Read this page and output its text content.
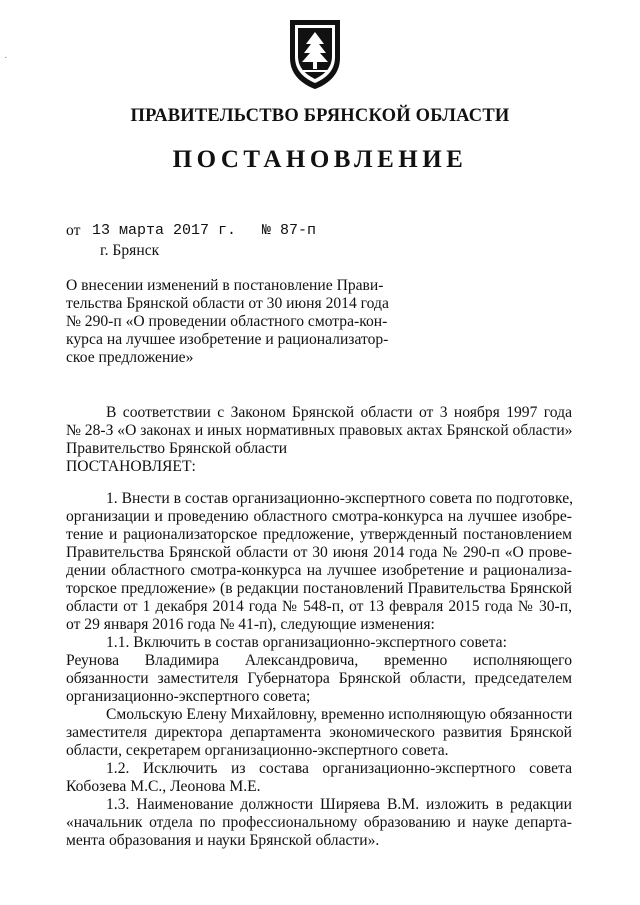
·
ПРАВИТЕЛЬСТВО БРЯНСКОЙ ОБЛАСТИ
ПОСТАНОВЛЕНИЕ
от 13 марта 2017 г. № 87-п
г. Брянск
О внесении изменений в постановление Прави-
тельства Брянской области от 30 июня 2014 года
№ 290-п «О проведении областного смотра-кон-
курса на лучшее изобретение и рационализатор-
ское предложение»
В соответствии с Законом Брянской области от 3 ноября 1997 года
№ 28-З «О законах и иных нормативных правовых актах Брянской области»
Правительство Брянской области
ПОСТАНОВЛЯЕТ:
1. Внести в состав организационно-экспертного совета по подготовке,
организации и проведению областного смотра-конкурса на лучшее изобре-
тение и рационализаторское предложение, утвержденный постановлением
Правительства Брянской области от 30 июня 2014 года № 290-п «О прове-
дении областного смотра-конкурса на лучшее изобретение и рационализа-
торское предложение» (в редакции постановлений Правительства Брянской
области от 1 декабря 2014 года № 548-п, от 13 февраля 2015 года № 30-п,
от 29 января 2016 года № 41-п), следующие изменения:
1.1. Включить в состав организационно-экспертного совета:
Реунова Владимира Александровича, временно исполняющего
обязанности заместителя Губернатора Брянской области, председателем
организационно-экспертного совета;
Смольскую Елену Михайловну, временно исполняющую обязанности
заместителя директора департамента экономического развития Брянской
области, секретарем организационно-экспертного совета.
1.2. Исключить из состава организационно-экспертного совета
Кобозева М.С., Леонова М.Е.
1.3. Наименование должности Ширяева В.М. изложить в редакции
«начальник отдела по профессиональному образованию и науке департа-
мента образования и науки Брянской области».
